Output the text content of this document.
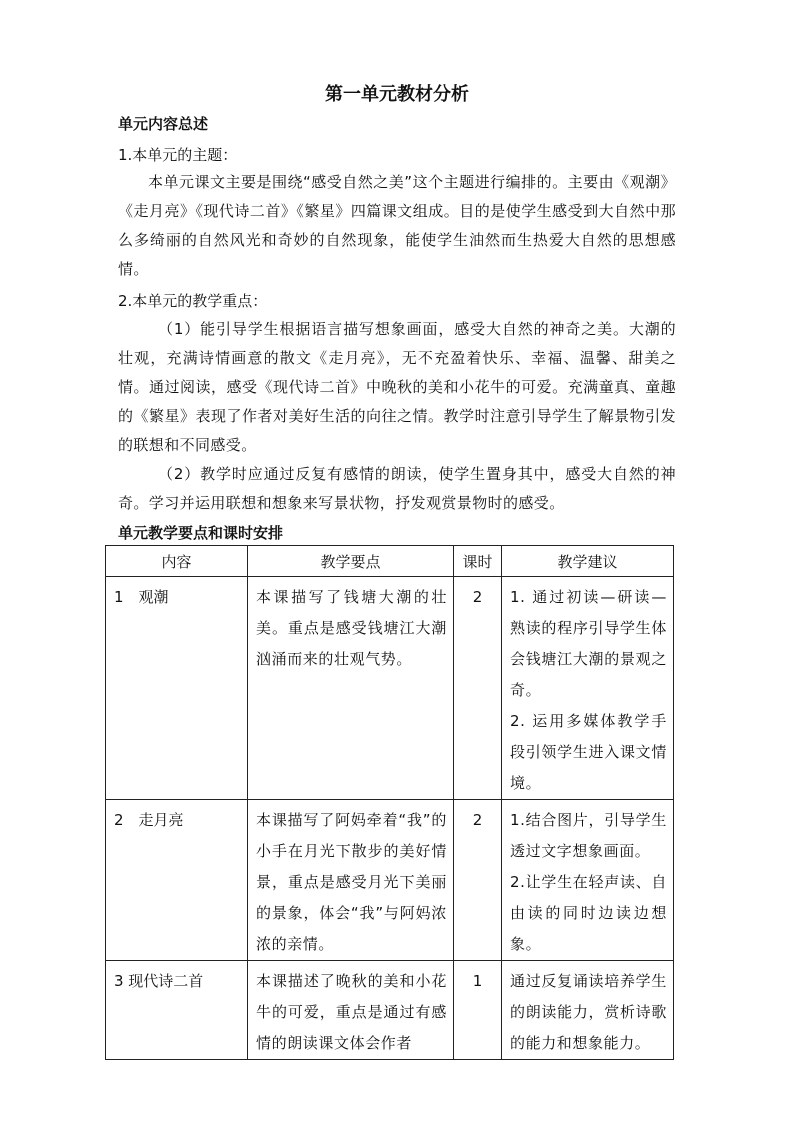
第一单元教材分析
单元内容总述
1.本单元的主题：
本单元课文主要是围绕“感受自然之美”这个主题进行编排的。主要由《观潮》《走月亮》《现代诗二首》《繁星》四篇课文组成。目的是使学生感受到大自然中那么多绮丽的自然风光和奇妙的自然现象，能使学生油然而生热爱大自然的思想感情。
2.本单元的教学重点：
（1）能引导学生根据语言描写想象画面，感受大自然的神奇之美。大潮的壮观，充满诗情画意的散文《走月亮》，无不充盈着快乐、幸福、温馨、甜美之情。通过阅读，感受《现代诗二首》中晚秋的美和小花牛的可爱。充满童真、童趣的《繁星》表现了作者对美好生活的向往之情。教学时注意引导学生了解景物引发的联想和不同感受。
（2）教学时应通过反复有感情的朗读，使学生置身其中，感受大自然的神奇。学习并运用联想和想象来写景状物，抒发观赏景物时的感受。
单元教学要点和课时安排
内容	教学要点	课时	教学建议

1　观潮	本课描写了钱塘大潮的壮美。重点是感受钱塘江大潮汹涌而来的壮观气势。	2	1. 通过初读—研读—熟读的程序引导学生体会钱塘江大潮的景观之奇。

2. 运用多媒体教学手段引领学生进入课文情境。

2　走月亮	本课描写了阿妈牵着“我”的小手在月光下散步的美好情景，重点是感受月光下美丽的景象，体会“我”与阿妈浓浓的亲情。	2	1.结合图片，引导学生透过文字想象画面。

2.让学生在轻声读、自由读的同时边读边想象。

3 现代诗二首	本课描述了晚秋的美和小花牛的可爱，重点是通过有感情的朗读课文体会作者	1	通过反复诵读培养学生的朗读能力，赏析诗歌的能力和想象能力。
